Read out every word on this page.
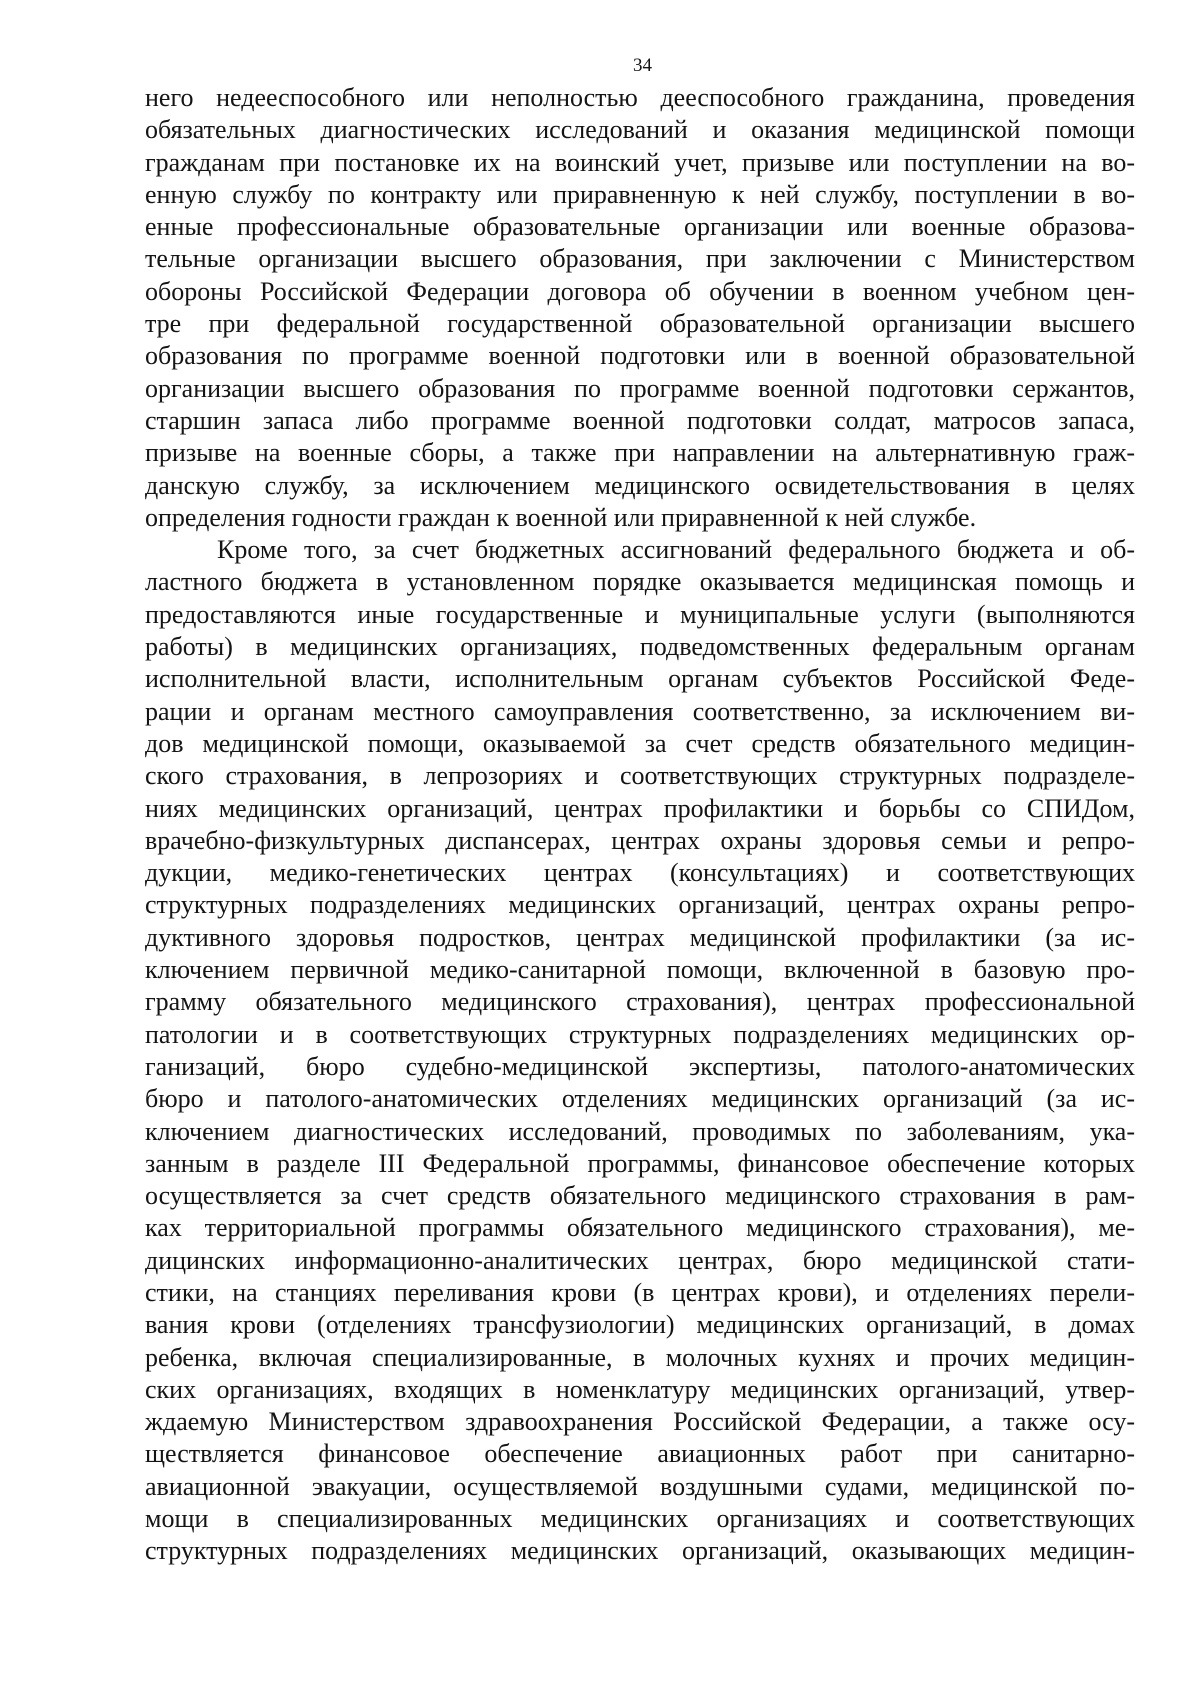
34
него недееспособного или неполностью дееспособного гражданина, проведения
обязательных диагностических исследований и оказания медицинской помощи
гражданам при постановке их на воинский учет, призыве или поступлении на во-
енную службу по контракту или приравненную к ней службу, поступлении в во-
енные профессиональные образовательные организации или военные образова-
тельные организации высшего образования, при заключении с Министерством
обороны Российской Федерации договора об обучении в военном учебном цен-
тре при федеральной государственной образовательной организации высшего
образования по программе военной подготовки или в военной образовательной
организации высшего образования по программе военной подготовки сержантов,
старшин запаса либо программе военной подготовки солдат, матросов запаса,
призыве на военные сборы, а также при направлении на альтернативную граж-
данскую службу, за исключением медицинского освидетельствования в целях
определения годности граждан к военной или приравненной к ней службе.
Кроме того, за счет бюджетных ассигнований федерального бюджета и об-
ластного бюджета в установленном порядке оказывается медицинская помощь и
предоставляются иные государственные и муниципальные услуги (выполняются
работы) в медицинских организациях, подведомственных федеральным органам
исполнительной власти, исполнительным органам субъектов Российской Феде-
рации и органам местного самоуправления соответственно, за исключением ви-
дов медицинской помощи, оказываемой за счет средств обязательного медицин-
ского страхования, в лепрозориях и соответствующих структурных подразделе-
ниях медицинских организаций, центрах профилактики и борьбы со СПИДом,
врачебно-физкультурных диспансерах, центрах охраны здоровья семьи и репро-
дукции, медико-генетических центрах (консультациях) и соответствующих
структурных подразделениях медицинских организаций, центрах охраны репро-
дуктивного здоровья подростков, центрах медицинской профилактики (за ис-
ключением первичной медико-санитарной помощи, включенной в базовую про-
грамму обязательного медицинского страхования), центрах профессиональной
патологии и в соответствующих структурных подразделениях медицинских ор-
ганизаций, бюро судебно-медицинской экспертизы, патолого-анатомических
бюро и патолого-анатомических отделениях медицинских организаций (за ис-
ключением диагностических исследований, проводимых по заболеваниям, ука-
занным в разделе III Федеральной программы, финансовое обеспечение которых
осуществляется за счет средств обязательного медицинского страхования в рам-
ках территориальной программы обязательного медицинского страхования), ме-
дицинских информационно-аналитических центрах, бюро медицинской стати-
стики, на станциях переливания крови (в центрах крови), и отделениях перели-
вания крови (отделениях трансфузиологии) медицинских организаций, в домах
ребенка, включая специализированные, в молочных кухнях и прочих медицин-
ских организациях, входящих в номенклатуру медицинских организаций, утвер-
ждаемую Министерством здравоохранения Российской Федерации, а также осу-
ществляется финансовое обеспечение авиационных работ при санитарно-
авиационной эвакуации, осуществляемой воздушными судами, медицинской по-
мощи в специализированных медицинских организациях и соответствующих
структурных подразделениях медицинских организаций, оказывающих медицин-
